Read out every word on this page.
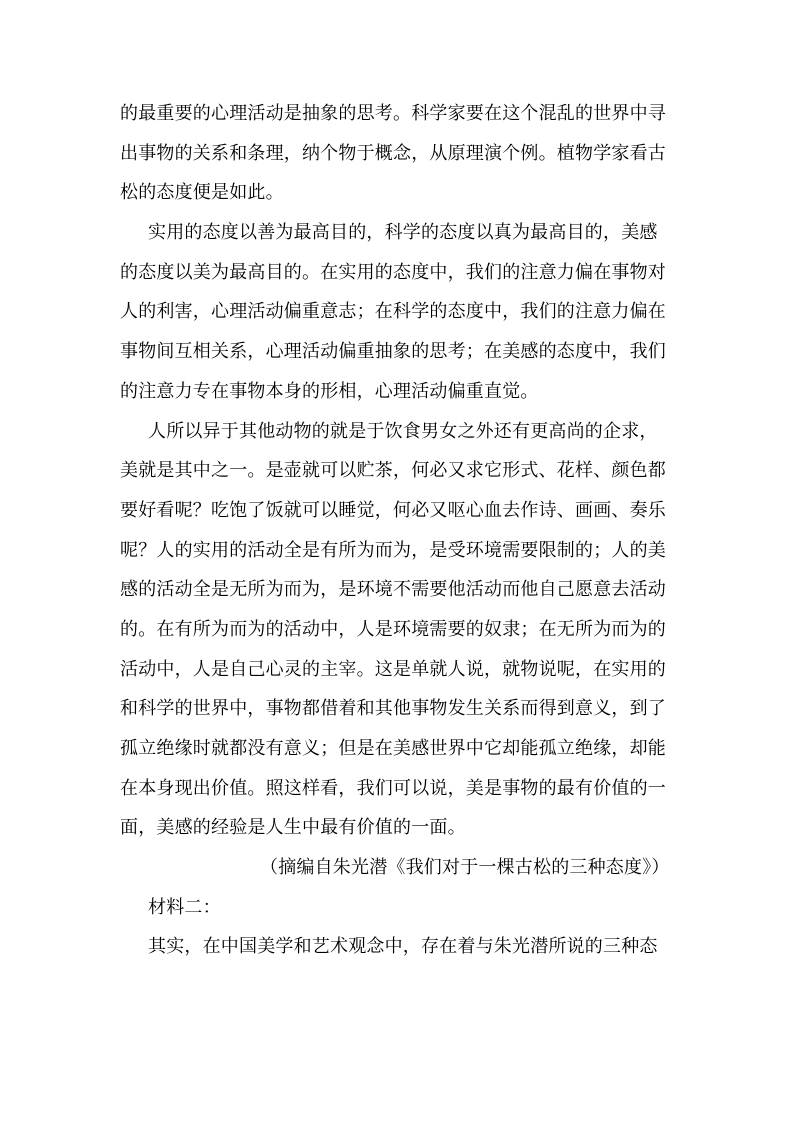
的最重要的心理活动是抽象的思考。科学家要在这个混乱的世界中寻
出事物的关系和条理，纳个物于概念，从原理演个例。植物学家看古
松的态度便是如此。
实用的态度以善为最高目的，科学的态度以真为最高目的，美感
的态度以美为最高目的。在实用的态度中，我们的注意力偏在事物对
人的利害，心理活动偏重意志；在科学的态度中，我们的注意力偏在
事物间互相关系，心理活动偏重抽象的思考；在美感的态度中，我们
的注意力专在事物本身的形相，心理活动偏重直觉。
人所以异于其他动物的就是于饮食男女之外还有更高尚的企求，
美就是其中之一。是壶就可以贮茶，何必又求它形式、花样、颜色都
要好看呢？吃饱了饭就可以睡觉，何必又呕心血去作诗、画画、奏乐
呢？人的实用的活动全是有所为而为，是受环境需要限制的；人的美
感的活动全是无所为而为，是环境不需要他活动而他自己愿意去活动
的。在有所为而为的活动中，人是环境需要的奴隶；在无所为而为的
活动中，人是自己心灵的主宰。这是单就人说，就物说呢，在实用的
和科学的世界中，事物都借着和其他事物发生关系而得到意义，到了
孤立绝缘时就都没有意义；但是在美感世界中它却能孤立绝缘，却能
在本身现出价值。照这样看，我们可以说，美是事物的最有价值的一
面，美感的经验是人生中最有价值的一面。
（摘编自朱光潜《我们对于一棵古松的三种态度》）
材料二：
其实，在中国美学和艺术观念中，存在着与朱光潜所说的三种态
